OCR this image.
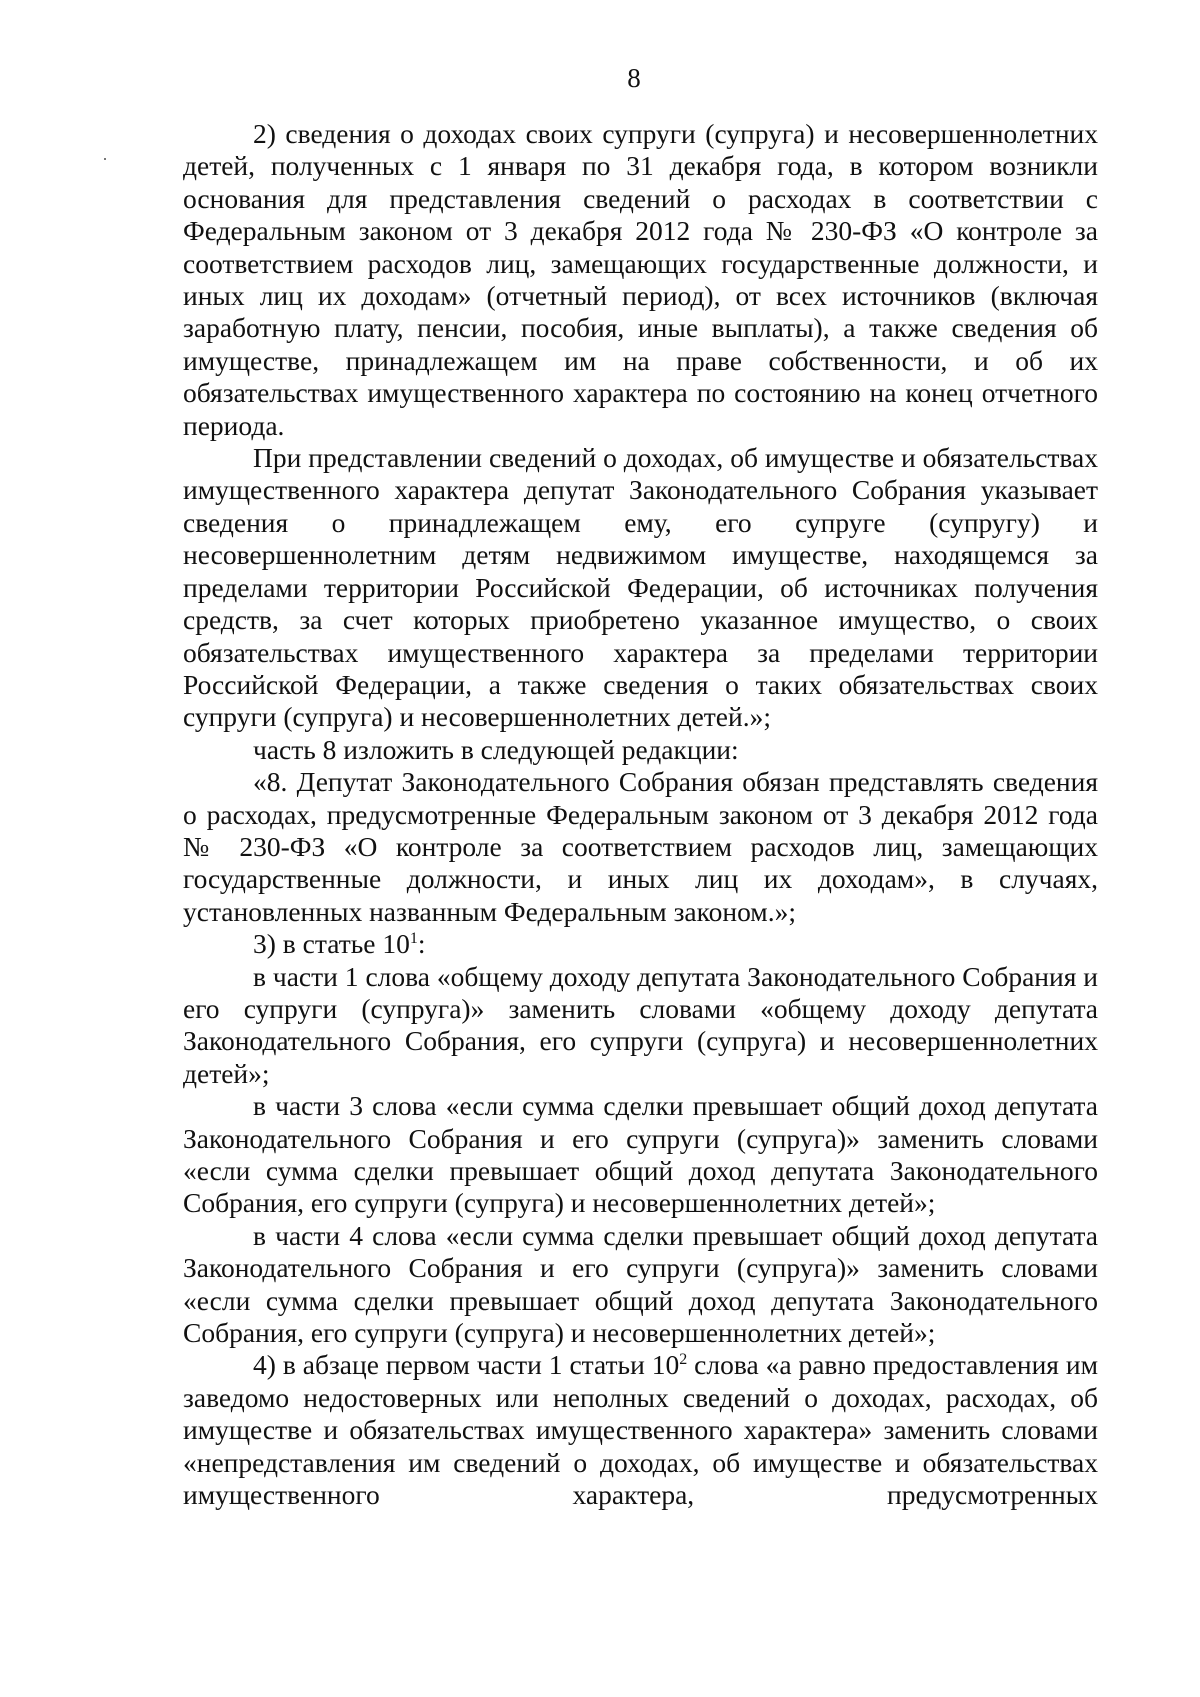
8

2) сведения о доходах своих супруги (супруга) и несовершеннолетних детей, полученных с 1 января по 31 декабря года, в котором возникли основания для представления сведений о расходах в соответствии с Федеральным законом от 3 декабря 2012 года № 230-ФЗ «О контроле за соответствием расходов лиц, замещающих государственные должности, и иных лиц их доходам» (отчетный период), от всех источников (включая заработную плату, пенсии, пособия, иные выплаты), а также сведения об имуществе, принадлежащем им на праве собственности, и об их обязательствах имущественного характера по состоянию на конец отчетного периода.

При представлении сведений о доходах, об имуществе и обязательствах имущественного характера депутат Законодательного Собрания указывает сведения о принадлежащем ему, его супруге (супругу) и несовершеннолетним детям недвижимом имуществе, находящемся за пределами территории Российской Федерации, об источниках получения средств, за счет которых приобретено указанное имущество, о своих обязательствах имущественного характера за пределами территории Российской Федерации, а также сведения о таких обязательствах своих супруги (супруга) и несовершеннолетних детей.»;

часть 8 изложить в следующей редакции:

«8. Депутат Законодательного Собрания обязан представлять сведения о расходах, предусмотренные Федеральным законом от 3 декабря 2012 года № 230-ФЗ «О контроле за соответствием расходов лиц, замещающих государственные должности, и иных лиц их доходам», в случаях, установленных названным Федеральным законом.»;

3) в статье $10^1$:

в части 1 слова «общему доходу депутата Законодательного Собрания и его супруги (супруга)» заменить словами «общему доходу депутата Законодательного Собрания, его супруги (супруга) и несовершеннолетних детей»;

в части 3 слова «если сумма сделки превышает общий доход депутата Законодательного Собрания и его супруги (супруга)» заменить словами «если сумма сделки превышает общий доход депутата Законодательного Собрания, его супруги (супруга) и несовершеннолетних детей»;

в части 4 слова «если сумма сделки превышает общий доход депутата Законодательного Собрания и его супруги (супруга)» заменить словами «если сумма сделки превышает общий доход депутата Законодательного Собрания, его супруги (супруга) и несовершеннолетних детей»;

4) в абзаце первом части 1 статьи $10^2$ слова «а равно предоставления им заведомо недостоверных или неполных сведений о доходах, расходах, об имуществе и обязательствах имущественного характера» заменить словами «непредставления им сведений о доходах, об имуществе и обязательствах имущественного характера, предусмотренных
